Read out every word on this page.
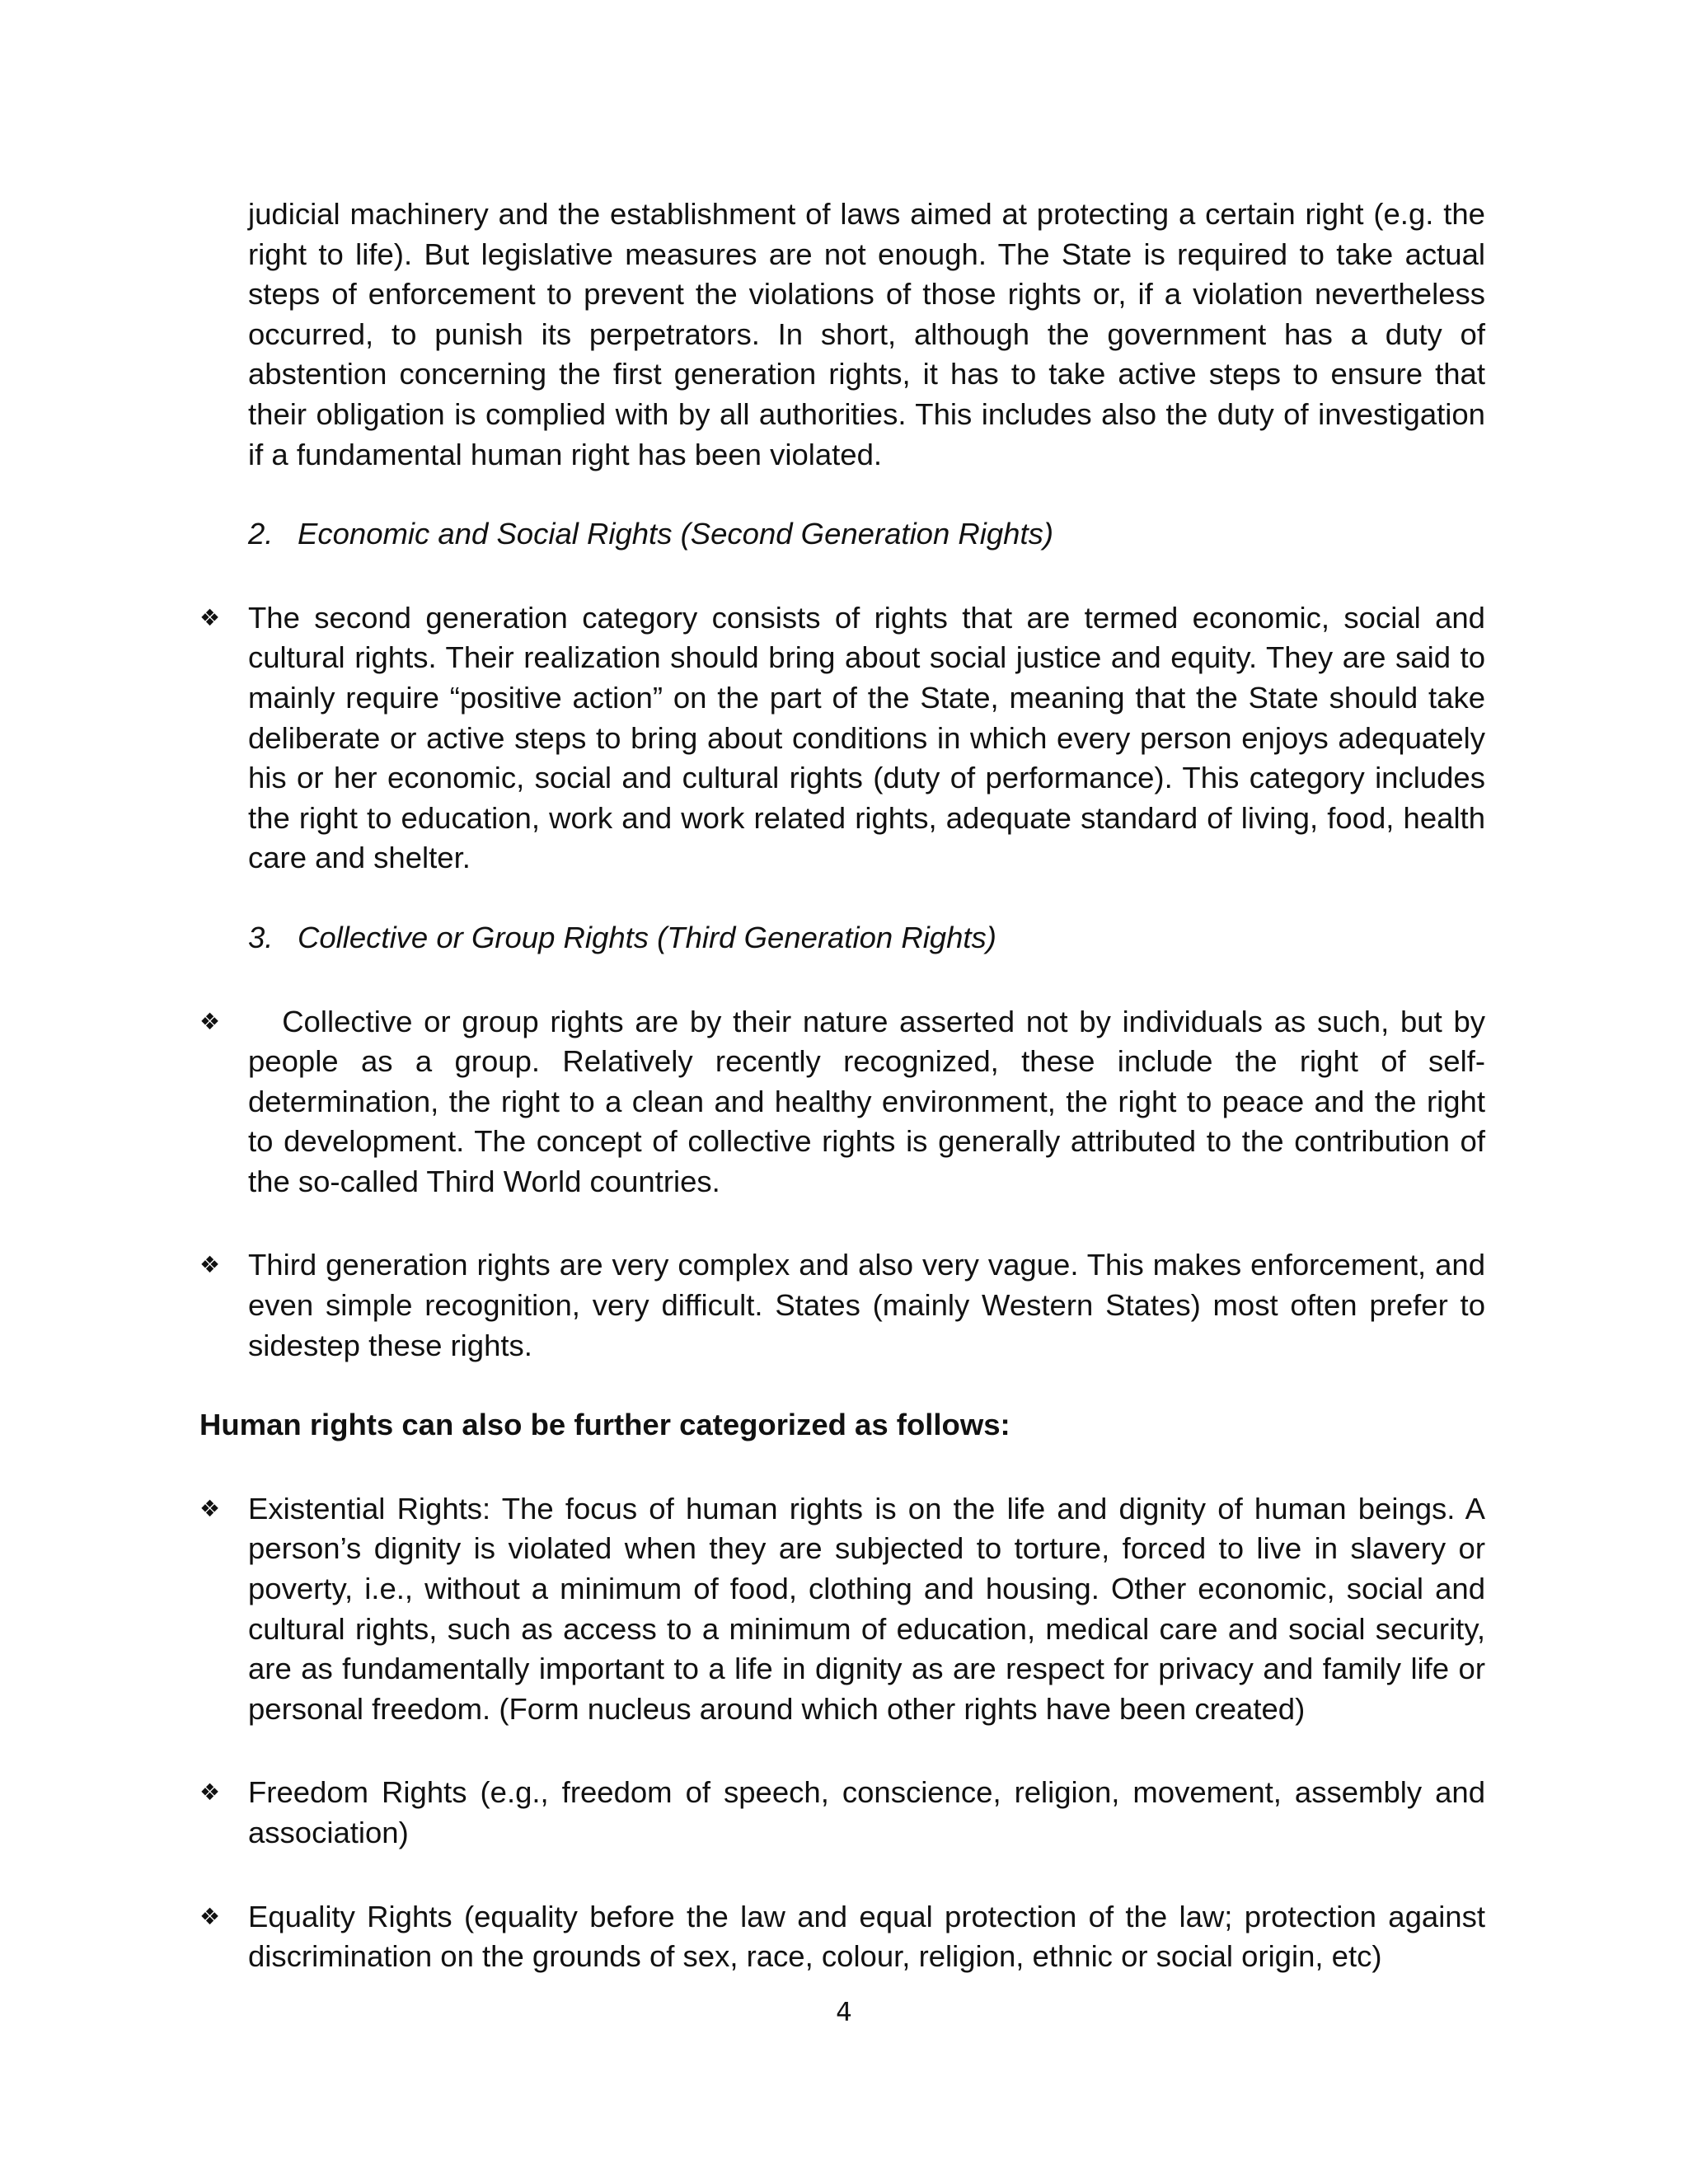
judicial machinery and the establishment of laws aimed at protecting a certain right (e.g. the right to life). But legislative measures are not enough. The State is required to take actual steps of enforcement to prevent the violations of those rights or, if a violation nevertheless occurred, to punish its perpetrators. In short, although the government has a duty of abstention concerning the first generation rights, it has to take active steps to ensure that their obligation is complied with by all authorities. This includes also the duty of investigation if a fundamental human right has been violated.

2. Economic and Social Rights (Second Generation Rights)
❖ The second generation category consists of rights that are termed economic, social and cultural rights. Their realization should bring about social justice and equity. They are said to mainly require “positive action” on the part of the State, meaning that the State should take deliberate or active steps to bring about conditions in which every person enjoys adequately his or her economic, social and cultural rights (duty of performance). This category includes the right to education, work and work related rights, adequate standard of living, food, health care and shelter.
3. Collective or Group Rights (Third Generation Rights)
❖ Collective or group rights are by their nature asserted not by individuals as such, but by people as a group. Relatively recently recognized, these include the right of self-determination, the right to a clean and healthy environment, the right to peace and the right to development. The concept of collective rights is generally attributed to the contribution of the so-called Third World countries.
❖ Third generation rights are very complex and also very vague. This makes enforcement, and even simple recognition, very difficult. States (mainly Western States) most often prefer to sidestep these rights.
Human rights can also be further categorized as follows:
❖ Existential Rights: The focus of human rights is on the life and dignity of human beings. A person’s dignity is violated when they are subjected to torture, forced to live in slavery or poverty, i.e., without a minimum of food, clothing and housing. Other economic, social and cultural rights, such as access to a minimum of education, medical care and social security, are as fundamentally important to a life in dignity as are respect for privacy and family life or personal freedom. (Form nucleus around which other rights have been created)
❖ Freedom Rights (e.g., freedom of speech, conscience, religion, movement, assembly and association)
❖ Equality Rights (equality before the law and equal protection of the law; protection against discrimination on the grounds of sex, race, colour, religion, ethnic or social origin, etc)
4
